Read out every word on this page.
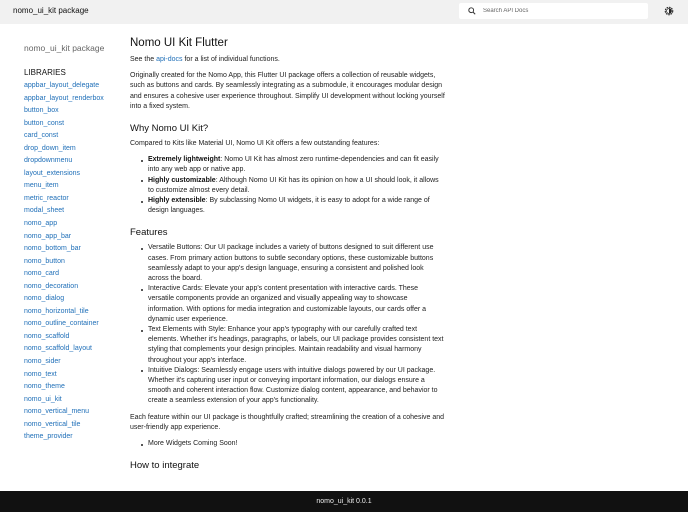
nomo_ui_kit package
Search API Docs
nomo_ui_kit package
LIBRARIES
appbar_layout_delegate
appbar_layout_renderbox
button_box
button_const
card_const
drop_down_item
dropdownmenu
layout_extensions
menu_item
metric_reactor
modal_sheet
nomo_app
nomo_app_bar
nomo_bottom_bar
nomo_button
nomo_card
nomo_decoration
nomo_dialog
nomo_horizontal_tile
nomo_outline_container
nomo_scaffold
nomo_scaffold_layout
nomo_sider
nomo_text
nomo_theme
nomo_ui_kit
nomo_vertical_menu
nomo_vertical_tile
theme_provider
Nomo UI Kit Flutter

See the api-docs for a list of individual functions.

Originally created for the Nomo App, this Flutter UI package offers a collection of reusable widgets, such as buttons and cards. By seamlessly integrating as a submodule, it encourages modular design and ensures a cohesive user experience throughout. Simplify UI development without locking yourself into a fixed system.

Why Nomo UI Kit?

Compared to Kits like Material UI, Nomo UI Kit offers a few outstanding features:

Extremely lightweight: Nomo UI Kit has almost zero runtime-dependencies and can fit easily into any web app or native app.
Highly customizable: Although Nomo UI Kit has its opinion on how a UI should look, it allows to customize almost every detail.
Highly extensible: By subclassing Nomo UI widgets, it is easy to adopt for a wide range of design languages.
Features
Versatile Buttons: Our UI package includes a variety of buttons designed to suit different use cases. From primary action buttons to subtle secondary options, these customizable buttons seamlessly adapt to your app's design language, ensuring a consistent and polished look across the board.
Interactive Cards: Elevate your app's content presentation with interactive cards. These versatile components provide an organized and visually appealing way to showcase information. With options for media integration and customizable layouts, our cards offer a dynamic user experience.
Text Elements with Style: Enhance your app's typography with our carefully crafted text elements. Whether it's headings, paragraphs, or labels, our UI package provides consistent text styling that complements your design principles. Maintain readability and visual harmony throughout your app's interface.
Intuitive Dialogs: Seamlessly engage users with intuitive dialogs powered by our UI package. Whether it's capturing user input or conveying important information, our dialogs ensure a smooth and coherent interaction flow. Customize dialog content, appearance, and behavior to create a seamless extension of your app's functionality.

Each feature within our UI package is thoughtfully crafted; streamlining the creation of a cohesive and user-friendly app experience.

More Widgets Coming Soon!
How to integrate
nomo_ui_kit 0.0.1
